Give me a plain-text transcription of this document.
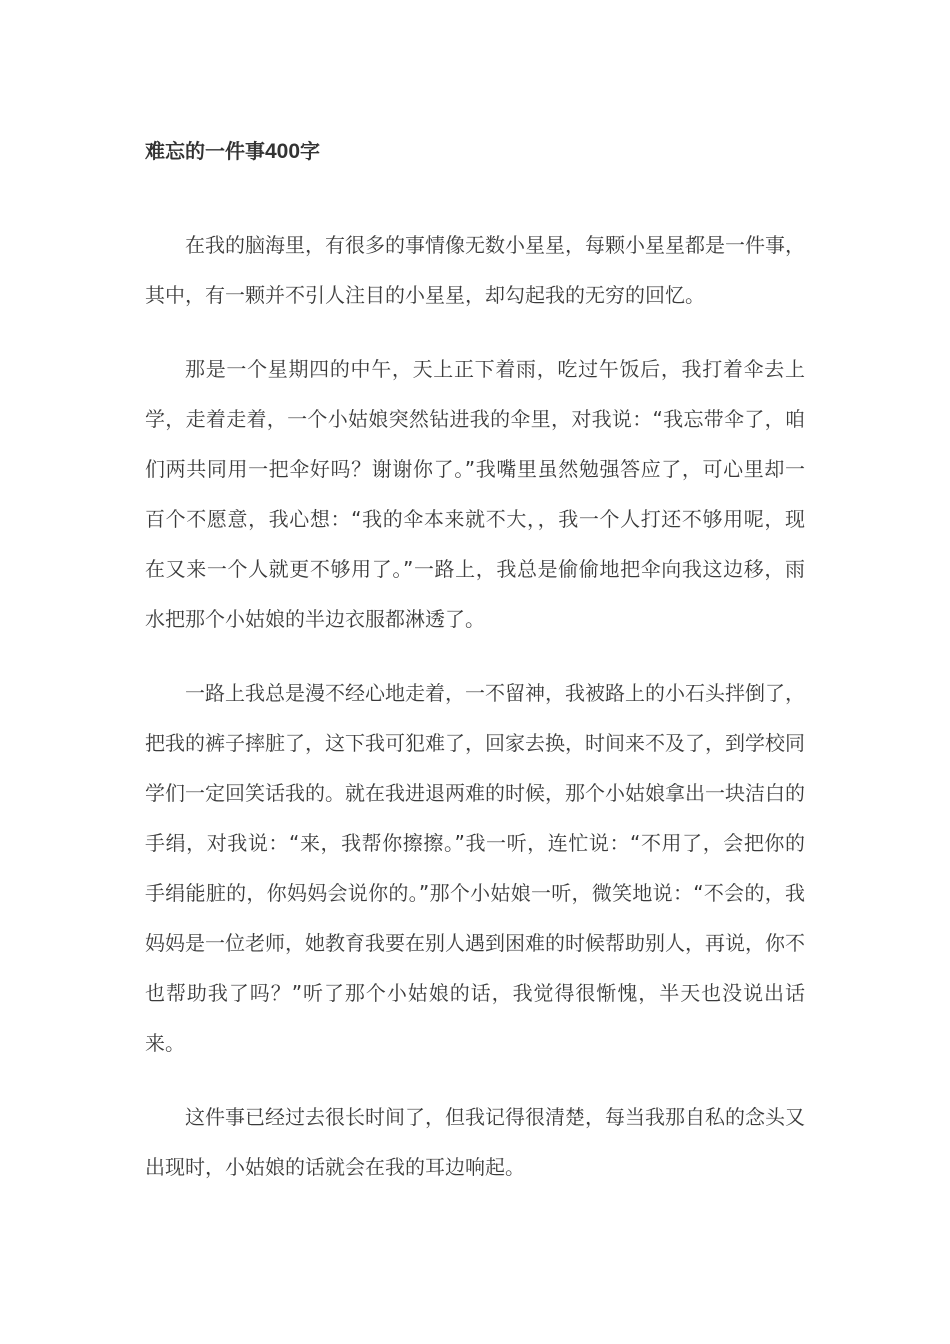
难忘的一件事400字

在我的脑海里，有很多的事情像无数小星星，每颗小星星都是一件事，其中，有一颗并不引人注目的小星星，却勾起我的无穷的回忆。

那是一个星期四的中午，天上正下着雨，吃过午饭后，我打着伞去上学，走着走着，一个小姑娘突然钻进我的伞里，对我说：“我忘带伞了，咱们两共同用一把伞好吗？谢谢你了。”我嘴里虽然勉强答应了，可心里却一百个不愿意，我心想：“我的伞本来就不大，，我一个人打还不够用呢，现在又来一个人就更不够用了。”一路上，我总是偷偷地把伞向我这边移，雨水把那个小姑娘的半边衣服都淋透了。

一路上我总是漫不经心地走着，一不留神，我被路上的小石头拌倒了，把我的裤子摔脏了，这下我可犯难了，回家去换，时间来不及了，到学校同学们一定回笑话我的。就在我进退两难的时候，那个小姑娘拿出一块洁白的手绢，对我说：“来，我帮你擦擦。”我一听，连忙说：“不用了，会把你的手绢能脏的，你妈妈会说你的。”那个小姑娘一听，微笑地说：“不会的，我妈妈是一位老师，她教育我要在别人遇到困难的时候帮助别人，再说，你不也帮助我了吗？”听了那个小姑娘的话，我觉得很惭愧，半天也没说出话来。

这件事已经过去很长时间了，但我记得很清楚，每当我那自私的念头又出现时，小姑娘的话就会在我的耳边响起。
